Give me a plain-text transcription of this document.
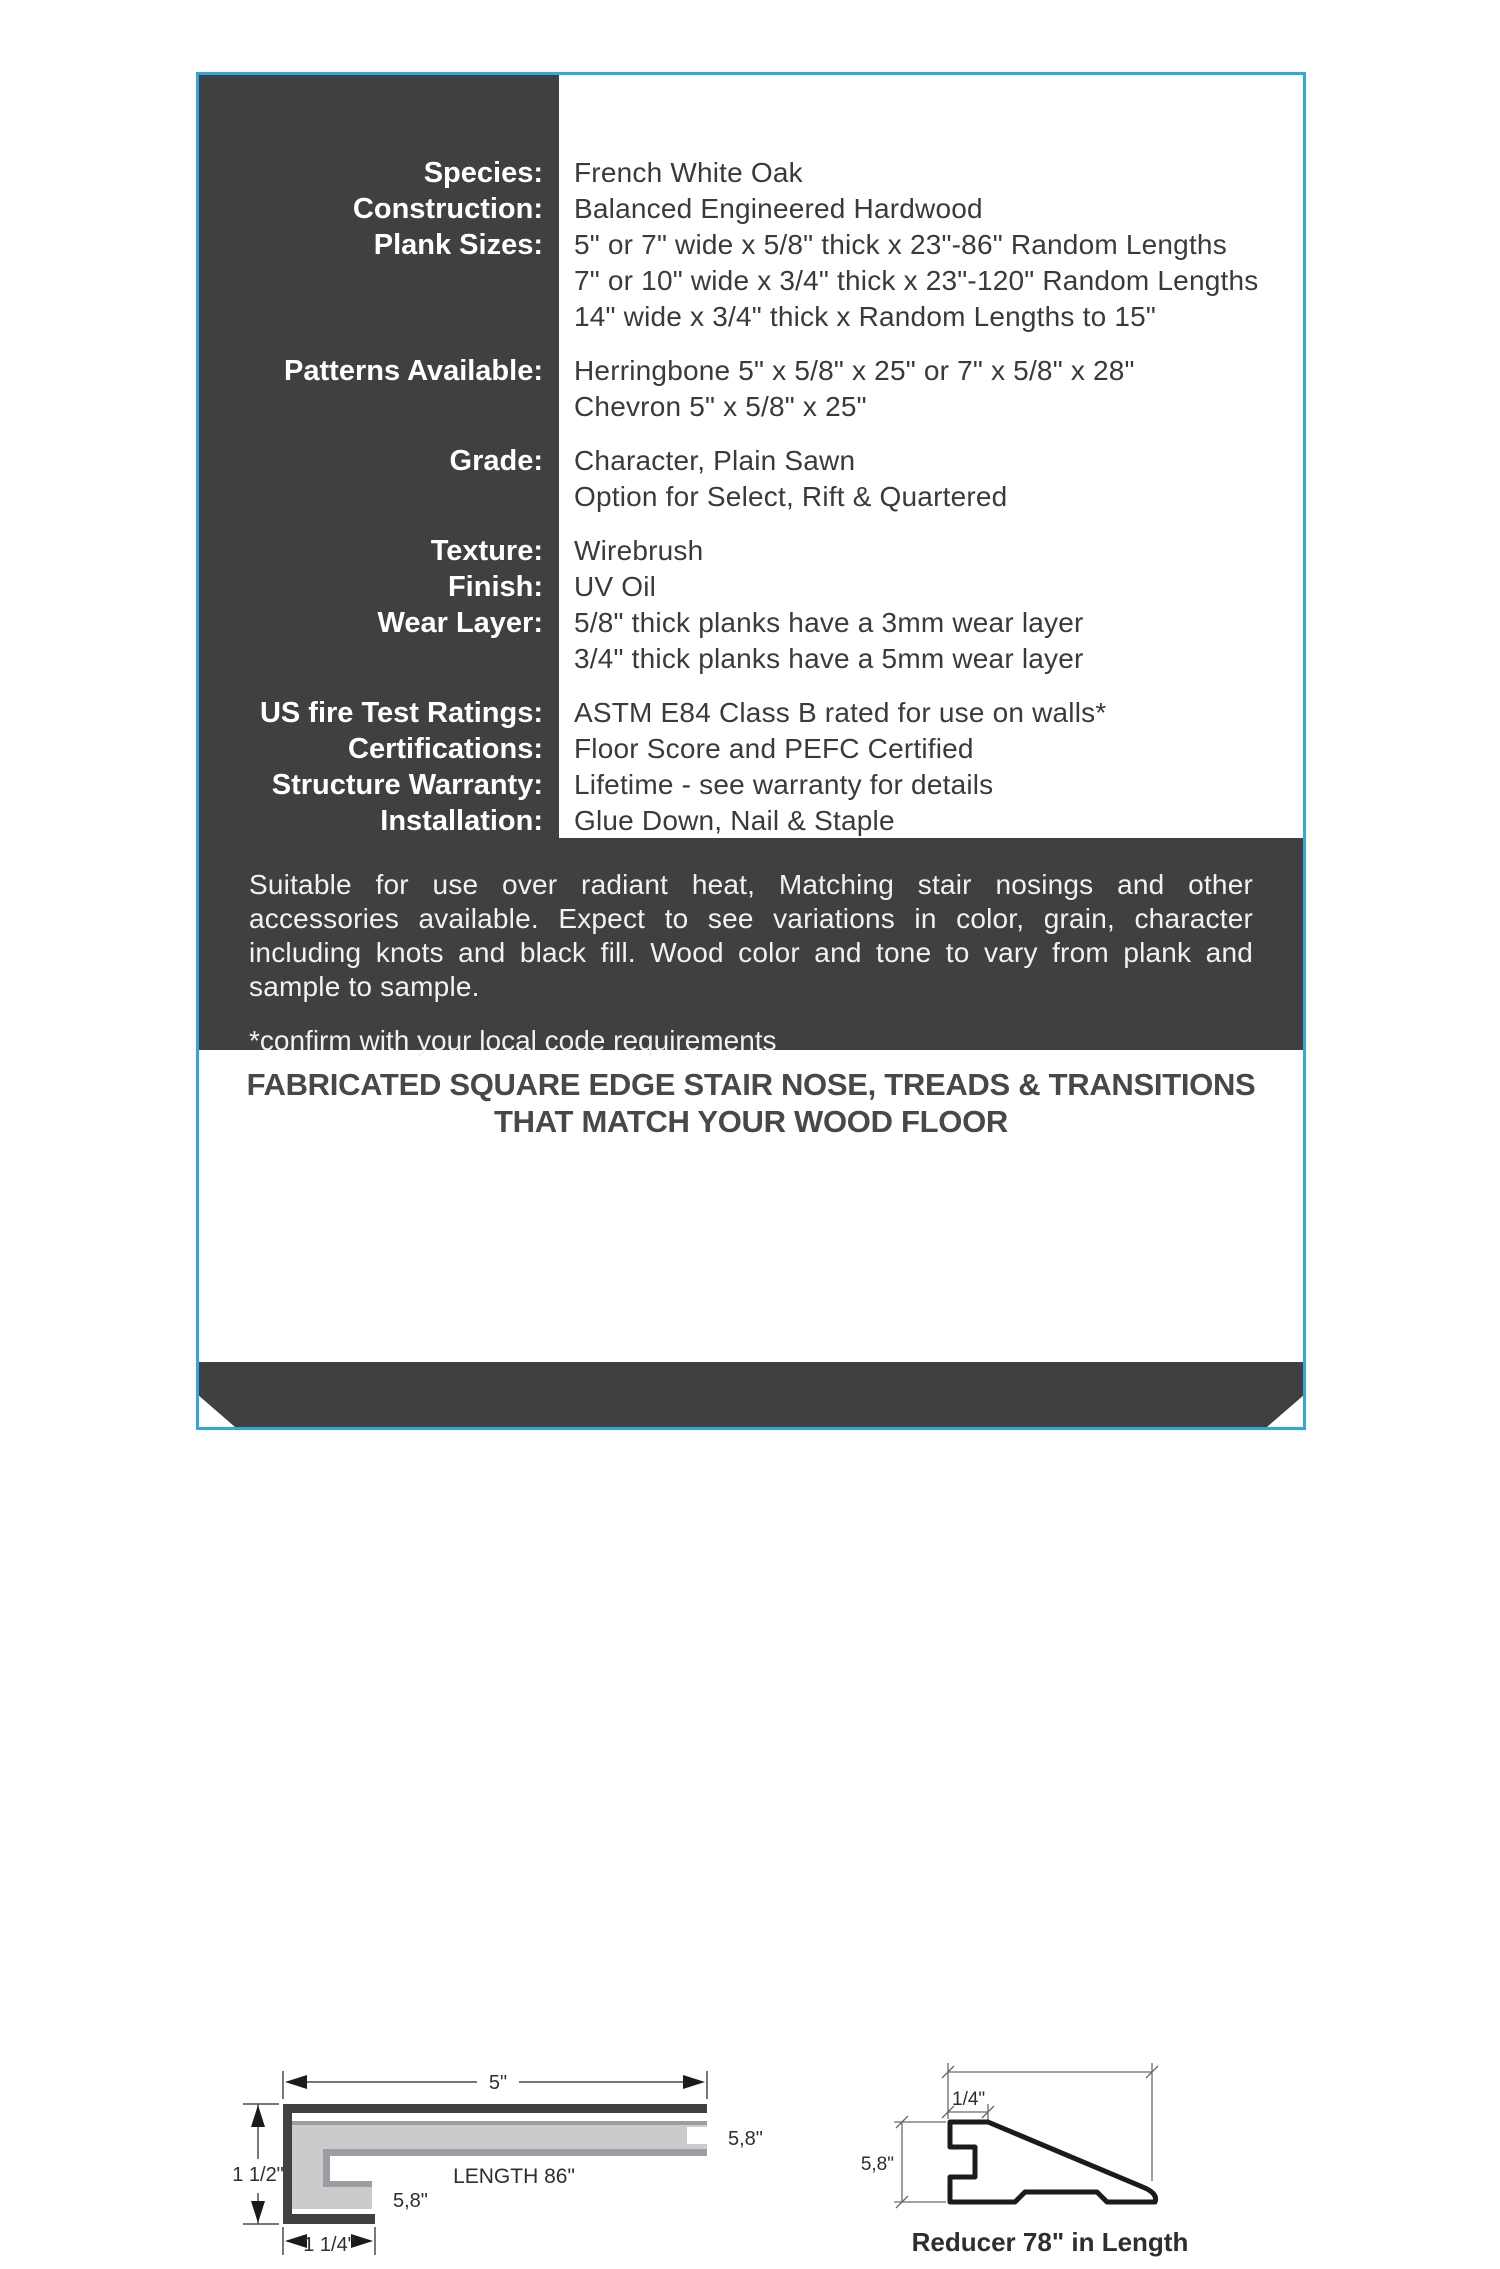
Species:	French White Oak
Construction:	Balanced Engineered Hardwood
Plank Sizes:	5" or 7" wide x 5/8" thick x 23"-86" Random Lengths
7" or 10" wide x 3/4" thick x 23"-120" Random Lengths
14" wide x 3/4" thick x Random Lengths to 15"
Patterns Available:	Herringbone 5" x 5/8" x 25" or 7" x 5/8" x 28"
Chevron 5" x 5/8" x 25"
Grade:	Character, Plain Sawn
Option for Select, Rift & Quartered
Texture:	Wirebrush
Finish:	UV Oil
Wear Layer:	5/8" thick planks have a 3mm wear layer
3/4" thick planks have a 5mm wear layer
US fire Test Ratings:	ASTM E84 Class B rated for use on walls*
Certifications:	Floor Score and PEFC Certified
Structure Warranty:	Lifetime - see warranty for details
Installation:	Glue Down, Nail & Staple
Suitable for use over radiant heat, Matching stair nosings and other accessories available. Expect to see variations in color, grain, character including knots and black fill. Wood color and tone to vary from plank and sample to sample.
*confirm with your local code requirements
FABRICATED SQUARE EDGE STAIR NOSE, TREADS & TRANSITIONS
THAT MATCH YOUR WOOD FLOOR
5"
1 1/2"
1 1/4"
5,8"
LENGTH 86"
5,8"
1/4"
5,8"
Reducer 78" in Length
